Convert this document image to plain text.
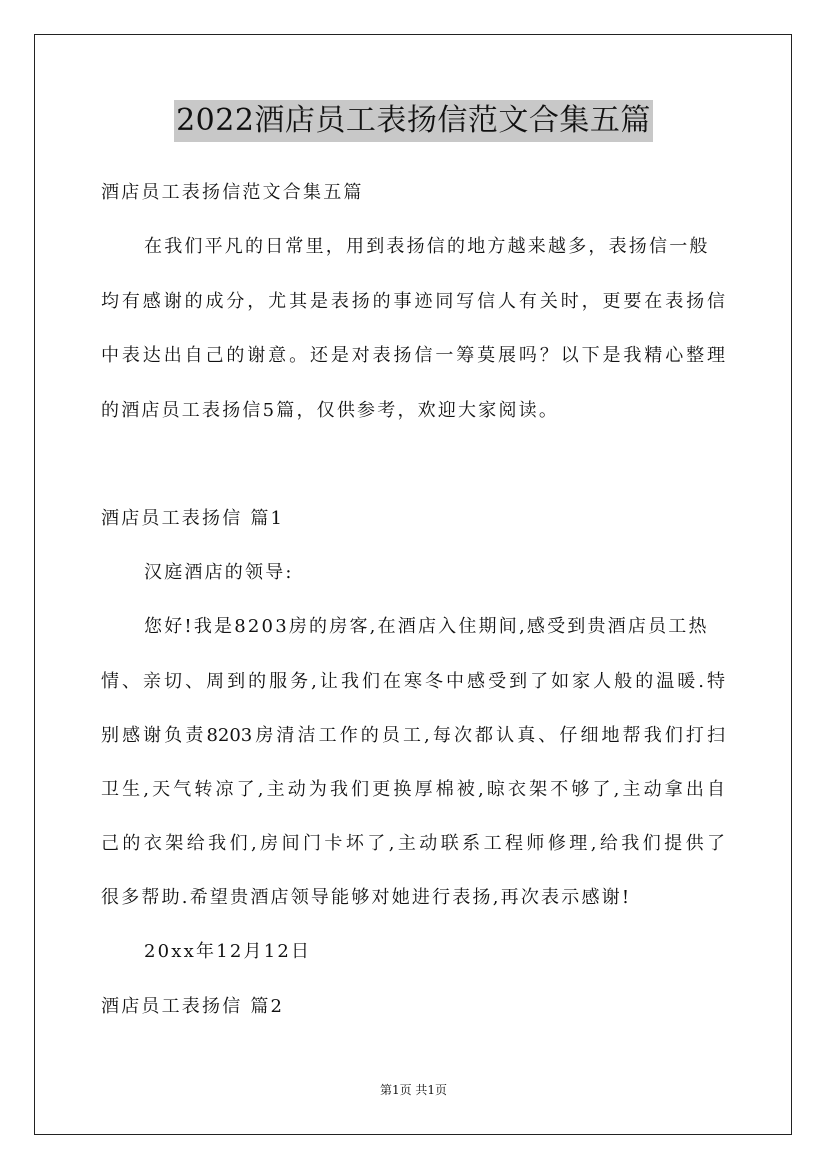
2022酒店员工表扬信范文合集五篇
酒店员工表扬信范文合集五篇
在我们平凡的日常里，用到表扬信的地方越来越多，表扬信一般
均有感谢的成分，尤其是表扬的事迹同写信人有关时，更要在表扬信
中表达出自己的谢意。还是对表扬信一筹莫展吗？以下是我精心整理
的酒店员工表扬信5篇，仅供参考，欢迎大家阅读。
酒店员工表扬信 篇1
汉庭酒店的领导:
您好!我是8203房的房客,在酒店入住期间,感受到贵酒店员工热
情、亲切、周到的服务,让我们在寒冬中感受到了如家人般的温暖.特
别感谢负责8203房清洁工作的员工,每次都认真、仔细地帮我们打扫
卫生,天气转凉了,主动为我们更换厚棉被,晾衣架不够了,主动拿出自
己的衣架给我们,房间门卡坏了,主动联系工程师修理,给我们提供了
很多帮助.希望贵酒店领导能够对她进行表扬,再次表示感谢!
20xx年12月12日
酒店员工表扬信 篇2
第1页 共1页
